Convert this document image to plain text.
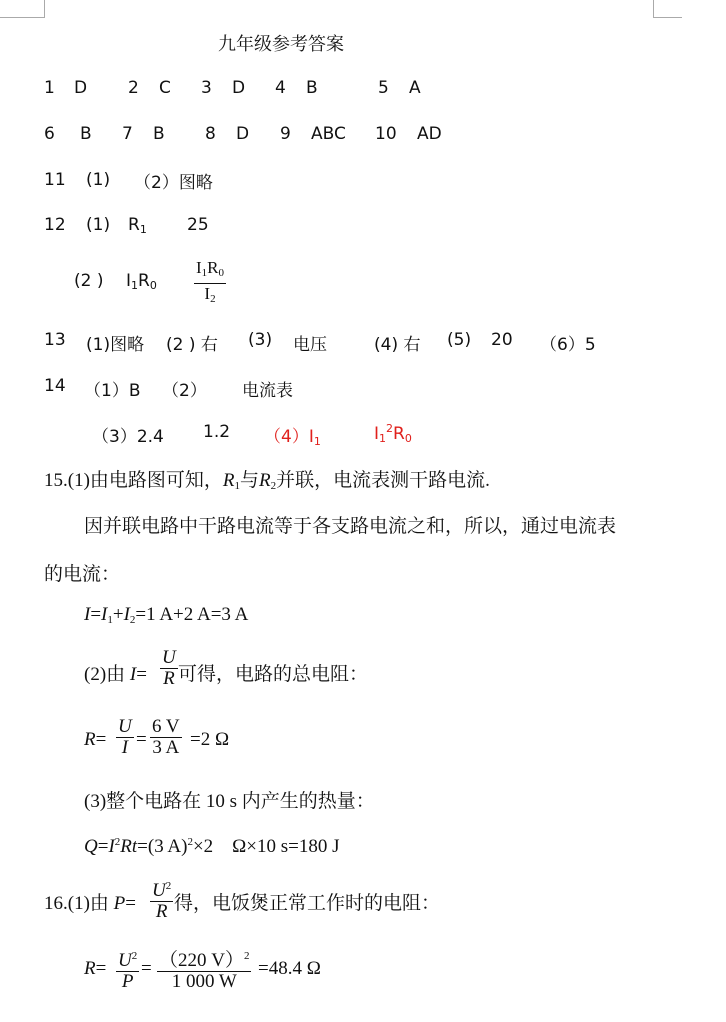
九年级参考答案
1 D 2 C 3 D 4 B	5 A
6 B 7 B 8 D 9 ABC 10 AD
11 (1) （2）图略
12 (1) $R_1$ 25
(2 ) $I_1R_0$
$I_1R_0$
$I_2$
13 (1)图略 (2 ) 右 (3) 电压	(4) 右 (5) 20 （6）5
14 （1）B （2） 电流表
（3）2.4 1.2 $(4)I_1$	$I_1^2R_0$
15.(1)由电路图可知，$R_1$与$R_2$并联，电流表测干路电流.
因并联电路中干路电流等于各支路电流之和，所以，通过电流表
的电流：
$I=I_1+I_2=1$ A+2 A=3 A
(2)由 I=
U
R 可得，电路的总电阻：
R=
U
I =
6 V
3 A =2 Ω
(3)整个电路在 10 s 内产生的热量：
$Q=I^2Rt=(3$ A)$^2$×2　Ω×10 s=180 J
16.(1)由 P=
$U^2$
R 得，电饭煲正常工作时的电阻：
$R= U^2$
P
= （220 V）$^2$
1 000 W
=48.4 Ω
